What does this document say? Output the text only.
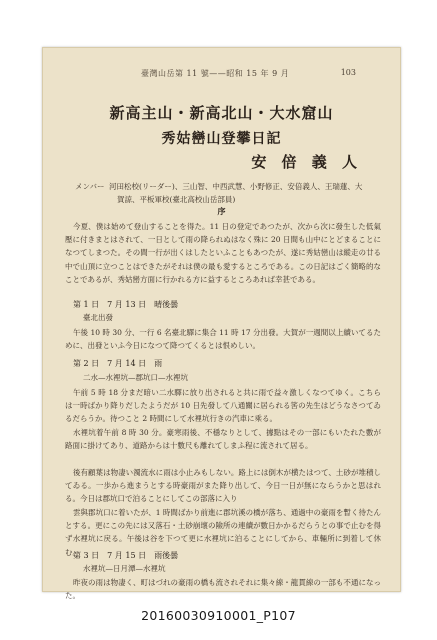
臺灣山岳第 11 號——昭和 15 年 9 月	103
新高主山・新高北山・大水窟山
秀姑巒山登攀日記
安 倍 義 人
メンバー 河田松校(リーダー)、三山智、中西武慧、小野修正、安倍義人、王瑞蓮、大
賀諒、平板軍校(臺北高校山岳部員)
序

今夏、僕は始めて登山することを得た。11 日の登定であつたが、次から次に發生した低氣壓に付きまとはされて、一日として雨の降られぬはなく殊に 20 日間も山中にとどまることになつてしまつた。その間一行が出くはしたといふこともあつたが、遂に秀姑巒山は縱走の廿る中で山頂に立つことはできたがそれは僕の最も愛するところである。この日記はごく簡略的なことであるが、秀姑巒方面に行かれる方に益するところあれば幸甚である。

第 1 日　7 月 13 日　晴後曇
臺北出發

午後 10 時 30 分、一行 6 名臺北驛に集合 11 時 17 分出發。大賀が一週間以上續いてるために、出發といふ今日になつて降つてくるとは恨めしい。

第 2 日　7 月 14 日　雨
二水—水裡坑—郡坑口—水裡坑

午前 5 時 18 分まだ暗い二水驛に放り出されると共に雨で益々激しくなつてゆく。こちらは一時ばかり降りだしたようだが 10 日先發して八通關に居られる筈の先生はどうなさつてゐるだらうか。待つこと 2 時間にして水裡坑行きの汽車に乘る。

水裡坑着午前 8 時 30 分。豪寒雨後、不穩なりとして、據點はその一部にもいたれた數が路面に掛けてあり、道路からは十數尺も離れてしまふ程に流されて居る。

後有顧葉は物凄い濁流水に雨は小止みもしない。路上には倒木が横たはつて、土砂が堆積してゐる。一歩から進まうとする時豪雨がまた降り出して、今日一日が無にならうかと思はれる。今日は郡坑口で泊ることにしてこの部落に入り

雲與郡坑口に着いたが、1 時間ばかり前進に郡坑溪の橋が落ち、通過中の豪雨を暫く待たんとする。更にこの先には又落石・土砂崩壞の險所の連續が數日かかるだらうとの事で止むを得ず水裡坑に戻る。午後は谷を下つて更に水裡坑に泊ることにしてから、車輛所に到着して休む。

第 3 日　7 月 15 日　雨後曇
水裡坑—日月潭—水裡坑

昨夜の雨は物凄く、町はづれの豪雨の橋も流されそれに集々線・龍貫線の一部も不通になった。

20160030910001_P107
